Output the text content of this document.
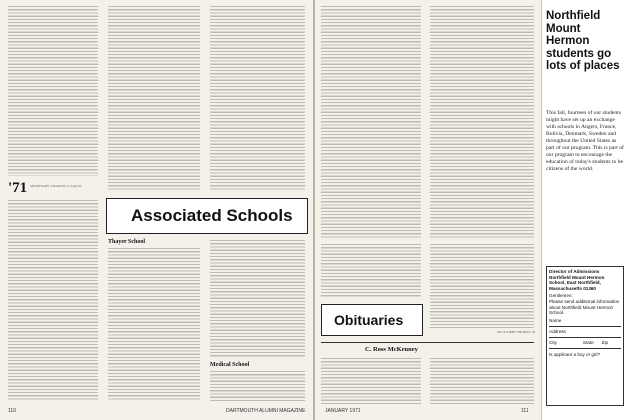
'71 SECRETARY, CHARLES S. AALTO
Associated Schools
Thayer School
Medical School
110	DARTMOUTH ALUMNI MAGAZINE
Obituaries
BLUE KIRBY THOMAS '18
C. Ross McKenney
JANUARY 1971	111
Northfield Mount Hermon students go lots of places
This fall, fourteen of our students might have set up an exchange with schools in Angers, France, Bolivia, Denmark, Sweden and throughout the United States as part of our program. This is part of our program to encourage the education of today's students to be citizens of the world.
Director of Admissions
Northfield Mount Hermon
School, East Northfield,
Massachusetts 01360
Gentlemen:
Please send additional information about Northfield Mount Hermon School.
Name
Address
City	State Zip
Is applicant a boy or girl?
